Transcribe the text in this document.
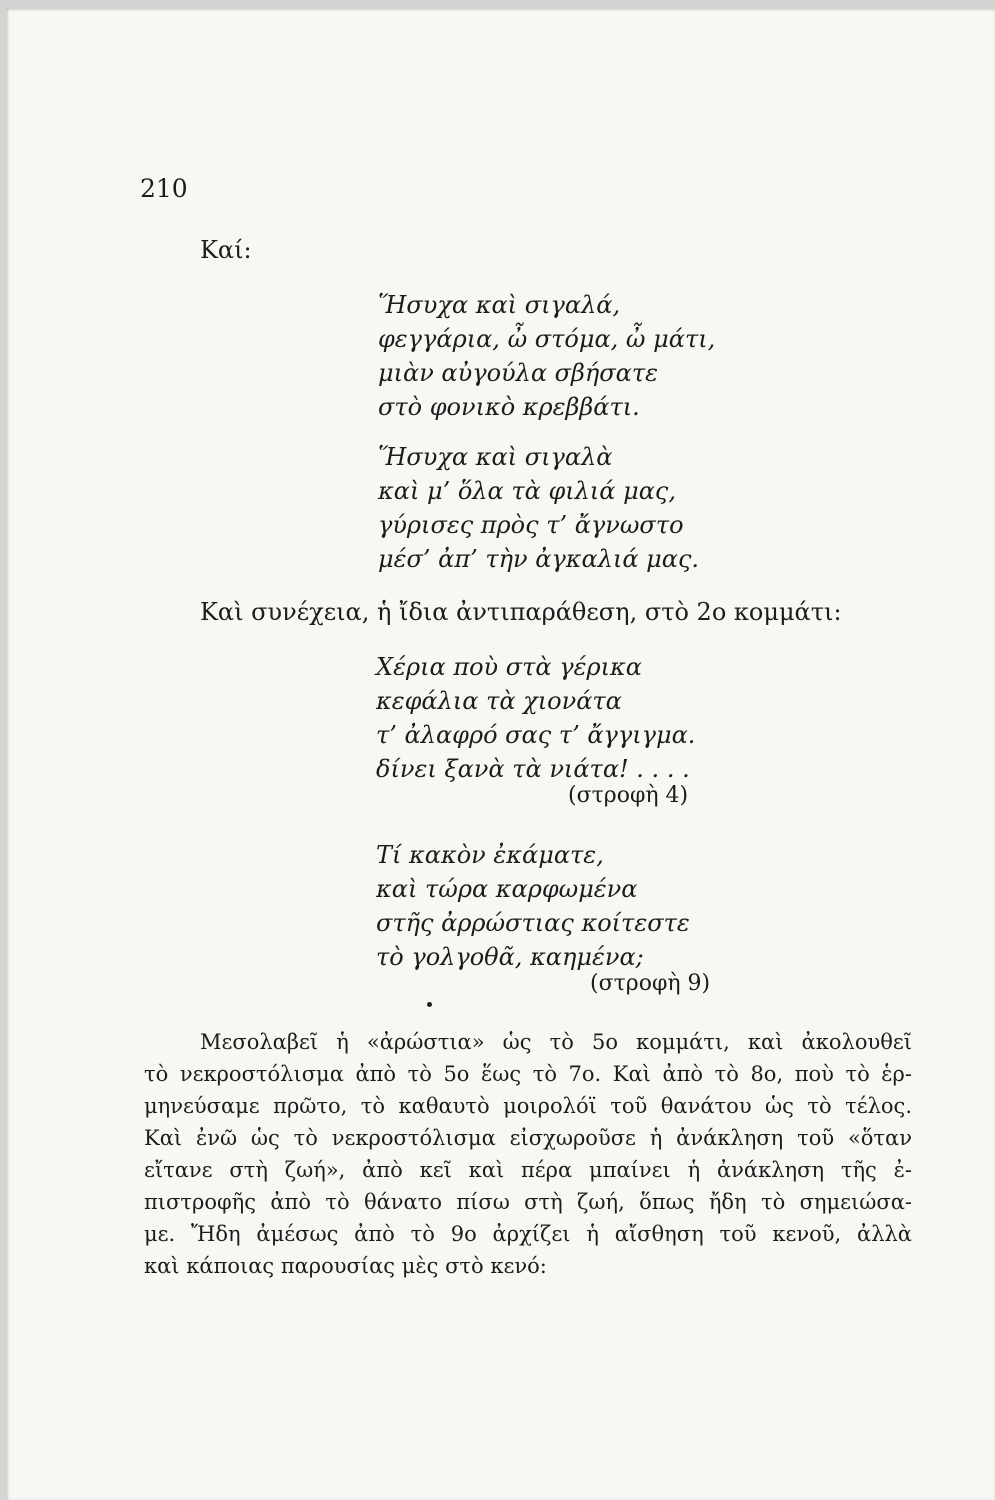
210
Καί:
Ἥσυχα καὶ σιγαλά,
φεγγάρια, ὦ στόμα, ὦ μάτι,
μιὰν αὐγούλα σβήσατε
στὸ φονικὸ κρεββάτι.
Ἥσυχα καὶ σιγαλὰ
καὶ μ’ ὅλα τὰ φιλιά μας,
γύρισες πρὸς τ’ ἄγνωστο
μέσ’ ἀπ’ τὴν ἀγκαλιά μας.
Καὶ συνέχεια, ἡ ἴδια ἀντιπαράθεση, στὸ 2ο κομμάτι:
Χέρια ποὺ στὰ γέρικα
κεφάλια τὰ χιονάτα
τ’ ἀλαφρό σας τ’ ἄγγιγμα.
δίνει ξανὰ τὰ νιάτα! . . . .
(στροφὴ 4)
Τί κακὸν ἐκάματε,
καὶ τώρα καρφωμένα
στῆς ἀρρώστιας κοίτεστε
τὸ γολγοθᾶ, καημένα;
(στροφὴ 9)
Μεσολαβεῖ ἡ «ἀρώστια» ὡς τὸ 5ο κομμάτι, καὶ ἀκολουθεῖ
τὸ νεκροστόλισμα ἀπὸ τὸ 5ο ἕως τὸ 7ο. Καὶ ἀπὸ τὸ 8ο, ποὺ τὸ ἑρ-
μηνεύσαμε πρῶτο, τὸ καθαυτὸ μοιρολόϊ τοῦ θανάτου ὡς τὸ τέλος.
Καὶ ἐνῶ ὡς τὸ νεκροστόλισμα εἰσχωροῦσε ἡ ἀνάκληση τοῦ «ὅταν
εἴτανε στὴ ζωή», ἀπὸ κεῖ καὶ πέρα μπαίνει ἡ ἀνάκληση τῆς ἐ-
πιστροφῆς ἀπὸ τὸ θάνατο πίσω στὴ ζωή, ὅπως ἤδη τὸ σημειώσα-
με. Ἤδη ἀμέσως ἀπὸ τὸ 9ο ἀρχίζει ἡ αἴσθηση τοῦ κενοῦ, ἀλλὰ
καὶ κάποιας παρουσίας μὲς στὸ κενό:
